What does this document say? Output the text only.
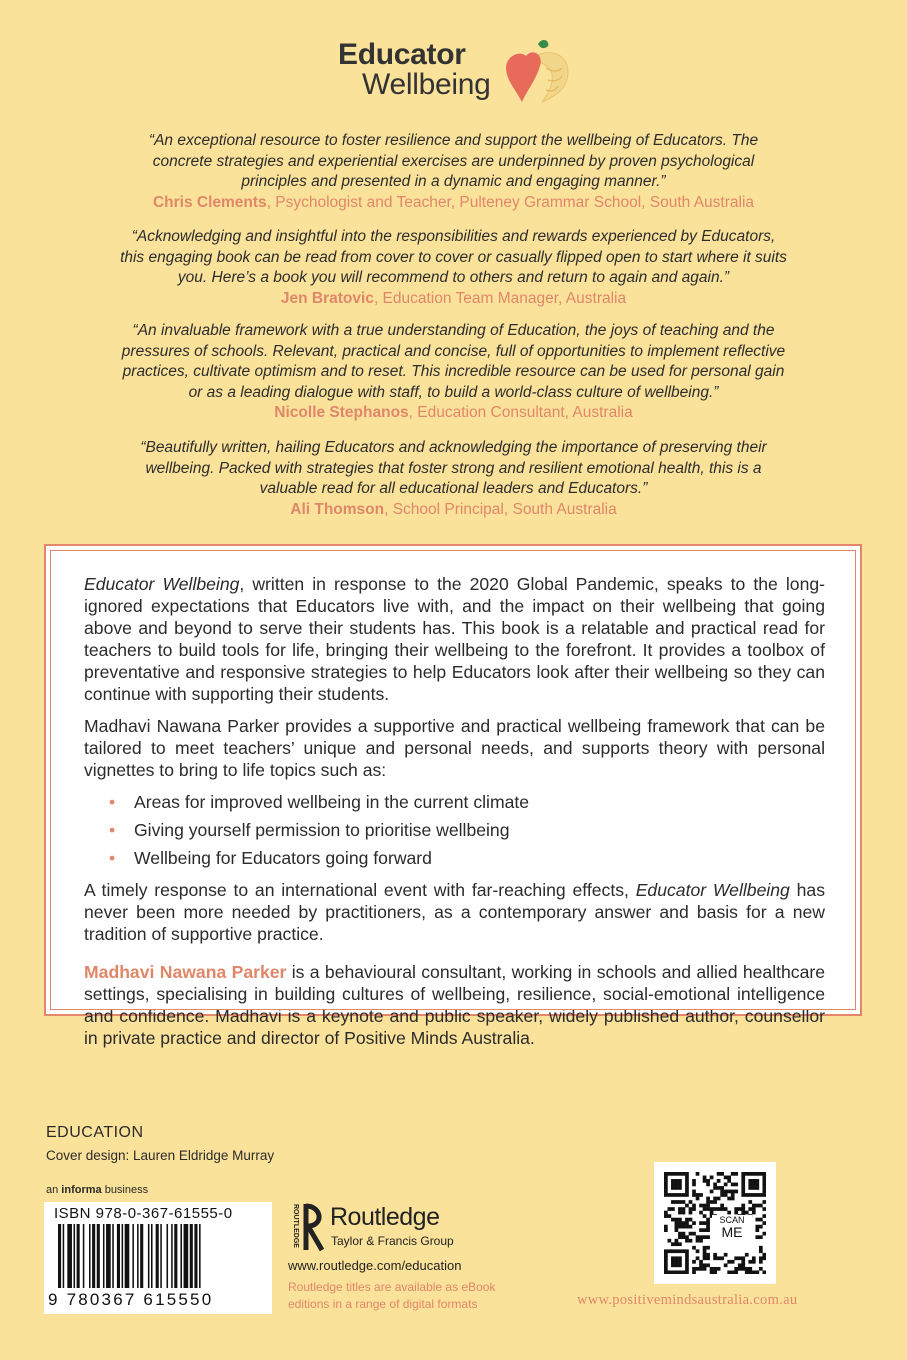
Educator
Wellbeing

“An exceptional resource to foster resilience and support the wellbeing of Educators. The concrete strategies and experiential exercises are underpinned by proven psychological principles and presented in a dynamic and engaging manner.”

Chris Clements, Psychologist and Teacher, Pulteney Grammar School, South Australia

“Acknowledging and insightful into the responsibilities and rewards experienced by Educators, this engaging book can be read from cover to cover or casually flipped open to start where it suits you. Here’s a book you will recommend to others and return to again and again.”

Jen Bratovic, Education Team Manager, Australia

“An invaluable framework with a true understanding of Education, the joys of teaching and the pressures of schools. Relevant, practical and concise, full of opportunities to implement reflective practices, cultivate optimism and to reset. This incredible resource can be used for personal gain or as a leading dialogue with staff, to build a world-class culture of wellbeing.”

Nicolle Stephanos, Education Consultant, Australia

“Beautifully written, hailing Educators and acknowledging the importance of preserving their wellbeing. Packed with strategies that foster strong and resilient emotional health, this is a valuable read for all educational leaders and Educators.”

Ali Thomson, School Principal, South Australia

Educator Wellbeing, written in response to the 2020 Global Pandemic, speaks to the long-ignored expectations that Educators live with, and the impact on their wellbeing that going above and beyond to serve their students has. This book is a relatable and practical read for teachers to build tools for life, bringing their wellbeing to the forefront. It provides a toolbox of preventative and responsive strategies to help Educators look after their wellbeing so they can continue with supporting their students.

Madhavi Nawana Parker provides a supportive and practical wellbeing framework that can be tailored to meet teachers’ unique and personal needs, and supports theory with personal vignettes to bring to life topics such as:

• Areas for improved wellbeing in the current climate
• Giving yourself permission to prioritise wellbeing
• Wellbeing for Educators going forward

A timely response to an international event with far-reaching effects, Educator Wellbeing has never been more needed by practitioners, as a contemporary answer and basis for a new tradition of supportive practice.

Madhavi Nawana Parker is a behavioural consultant, working in schools and allied healthcare settings, specialising in building cultures of wellbeing, resilience, social-emotional intelligence and confidence. Madhavi is a keynote and public speaker, widely published author, counsellor in private practice and director of Positive Minds Australia.

EDUCATION
Cover design: Lauren Eldridge Murray
an informa business
ISBN 978-0-367-61555-0
9 780367 615550
ROUTLEDGE Routledge
Taylor & Francis Group
www.routledge.com/education
Routledge titles are available as eBook
editions in a range of digital formats
SCAN
ME
www.positivemindsaustralia.com.au
